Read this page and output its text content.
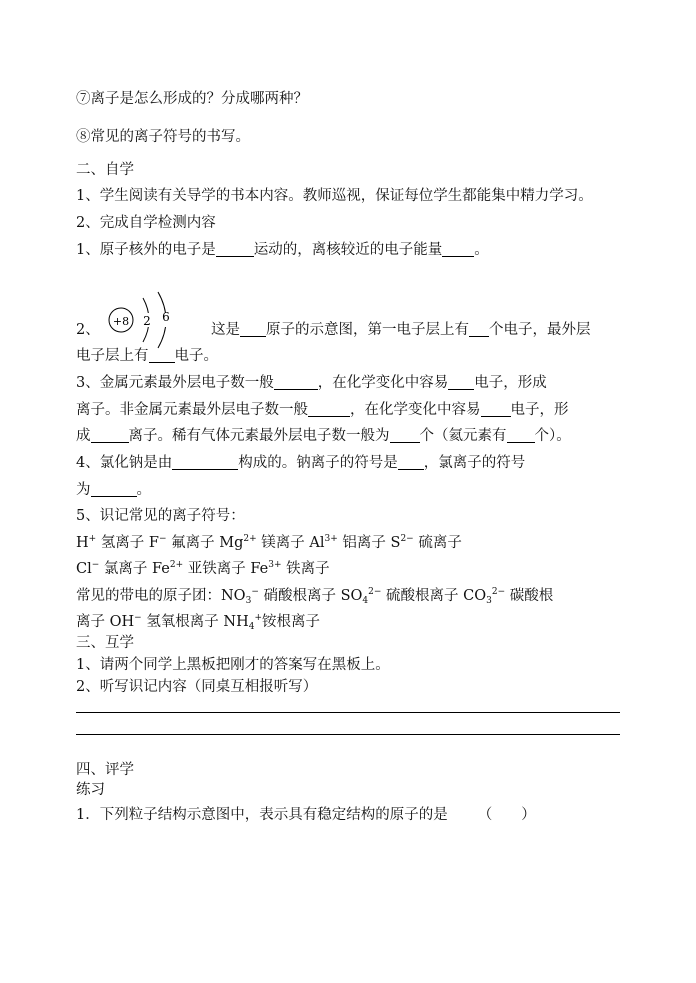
⑦离子是怎么形成的？分成哪两种？
⑧常见的离子符号的书写。
二、自学
1、学生阅读有关导学的书本内容。教师巡视，保证每位学生都能集中精力学习。
2、完成自学检测内容
1、原子核外的电子是	运动的，离核较近的电子能量 。
+8 2 6
2、	这是 原子的示意图，第一电子层上有 个电子，最外层
电子层上有 电子。
3、金属元素最外层电子数一般	，在化学变化中容易 电子，形成
离子。非金属元素最外层电子数一般	，在化学变化中容易 电子，形
成	离子。稀有气体元素最外层电子数一般为 个（氦元素有 个）。
4、氯化钠是由	构成的。钠离子的符号是 ，氯离子的符号
为	。
5、识记常见的离子符号：
H+ 氢离子 F− 氟离子 $Mg^{2+}$ 镁离子 $Al^{3+}$ 铝离子 $S^{2-}$ 硫离子
Cl− 氯离子 $Fe^{2+}$ 亚铁离子 $Fe^{3+}$ 铁离子
常见的带电的原子团：$NO_3^-$ 硝酸根离子 $SO_4^{2-}$ 硫酸根离子 $CO_3^{2-}$ 碳酸根
离子 OH− 氢氧根离子 $NH_4^+$铵根离子
三、互学
1、请两个同学上黑板把刚才的答案写在黑板上。
2、听写识记内容（同桌互相报听写）
四、评学
练习
1．下列粒子结构示意图中，表示具有稳定结构的原子的是 （　　）
